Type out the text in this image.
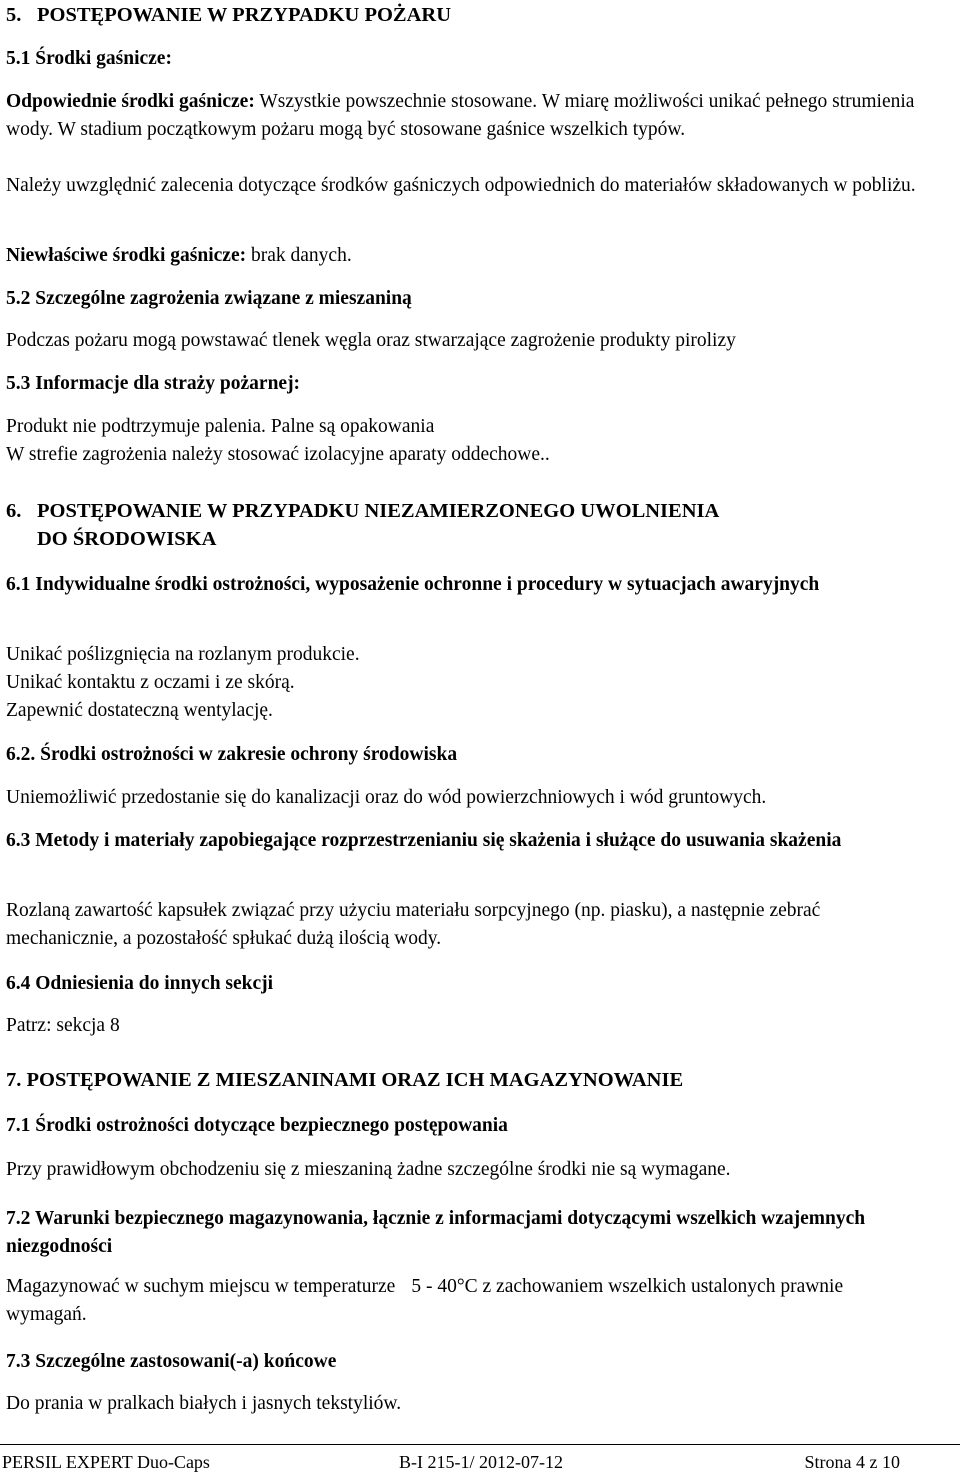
5. POSTĘPOWANIE W PRZYPADKU POŻARU

5.1 Środki gaśnicze:

Odpowiednie środki gaśnicze: Wszystkie powszechnie stosowane. W miarę możliwości unikać pełnego strumienia wody. W stadium początkowym pożaru mogą być stosowane gaśnice wszelkich typów.

Należy uwzględnić zalecenia dotyczące środków gaśniczych odpowiednich do materiałów składowanych w pobliżu.

Niewłaściwe środki gaśnicze: brak danych.

5.2 Szczególne zagrożenia związane z mieszaniną

Podczas pożaru mogą powstawać tlenek węgla oraz stwarzające zagrożenie produkty pirolizy

5.3 Informacje dla straży pożarnej:

Produkt nie podtrzymuje palenia. Palne są opakowania

W strefie zagrożenia należy stosować izolacyjne aparaty oddechowe..

6. POSTĘPOWANIE W PRZYPADKU NIEZAMIERZONEGO UWOLNIENIA

DO ŚRODOWISKA

6.1 Indywidualne środki ostrożności, wyposażenie ochronne i procedury w sytuacjach awaryjnych

Unikać poślizgnięcia na rozlanym produkcie.

Unikać kontaktu z oczami i ze skórą.

Zapewnić dostateczną wentylację.

6.2. Środki ostrożności w zakresie ochrony środowiska

Uniemożliwić przedostanie się do kanalizacji oraz do wód powierzchniowych i wód gruntowych.

6.3 Metody i materiały zapobiegające rozprzestrzenianiu się skażenia i służące do usuwania skażenia

Rozlaną zawartość kapsułek związać przy użyciu materiału sorpcyjnego (np. piasku), a następnie zebrać mechanicznie, a pozostałość spłukać dużą ilością wody.

6.4 Odniesienia do innych sekcji

Patrz: sekcja 8

7. POSTĘPOWANIE Z MIESZANINAMI ORAZ ICH MAGAZYNOWANIE

7.1 Środki ostrożności dotyczące bezpiecznego postępowania

Przy prawidłowym obchodzeniu się z mieszaniną żadne szczególne środki nie są wymagane.

7.2 Warunki bezpiecznego magazynowania, łącznie z informacjami dotyczącymi wszelkich wzajemnych niezgodności

Magazynować w suchym miejscu w temperaturze 5 - 40°C z zachowaniem wszelkich ustalonych prawnie wymagań.

7.3 Szczególne zastosowani(-a) końcowe

Do prania w pralkach białych i jasnych tekstyliów.

PERSIL EXPERT Duo-Caps	B-I 215-1/ 2012-07-12	Strona 4 z 10
